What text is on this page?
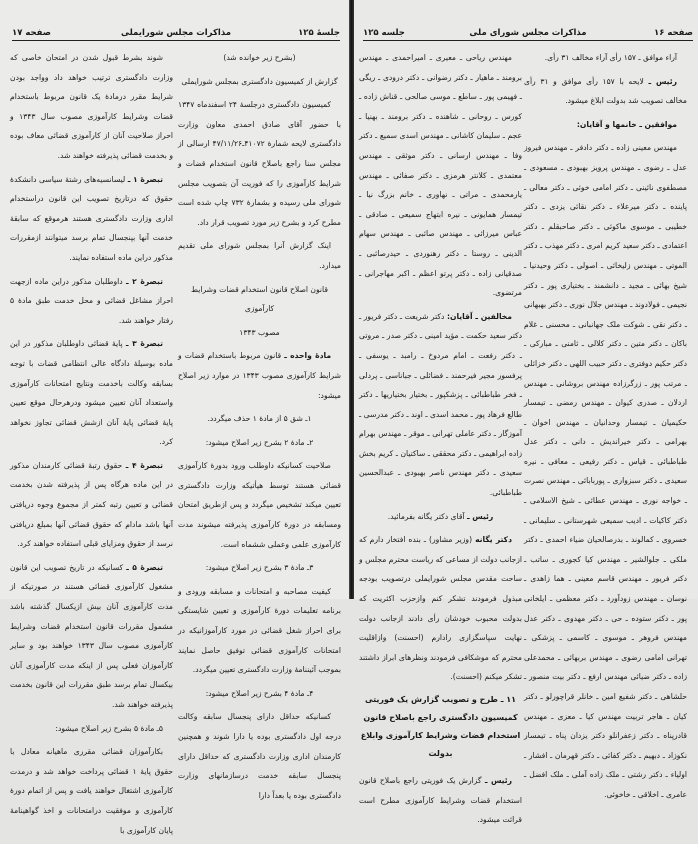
جلسهٔ ۱۲۵
مذاکرات مجلس شورایملی
صفحه ۱۷

(بشرح زیر خوانده شد)

گزارش از کمیسیون دادگستری بمجلس شورایملی

کمیسیون دادگستری درجلسهٔ ۲۴ اسفندماه ۱۳۴۷ با حضور آقای صادق احمدی معاون وزارت دادگستری لایحه شمارهٔ ۴۱۰۷۲ـ۴۷/۱۱/۲۶ ارسالی از مجلس سنا راجع باصلاح قانون استخدام قضات و شرایط کارآموزی را که فوریت آن بتصویب مجلس شورای ملی رسیده و بشمارهٔ ۷۳۲ چاپ شده است مطرح کرد و بشرح زیر مورد تصویب قرار داد.

اینک گزارش آنرا بمجلس شورای ملی تقدیم میدارد.

قانون اصلاح قانون استخدام قضات وشرایط کارآموزی

مصوب ۱۳۴۳

مادهٔ واحده ـ قانون مربوط باستخدام قضات و شرایط کارآموزی مصوب ۱۳۴۳ در موارد زیر اصلاح میشود:

۱ـ شق ۵ از مادهٔ ۱ حذف میگردد.

۲ـ مادهٔ ۲ بشرح زیر اصلاح میشود:

صلاحیت کسانیکه داوطلب ورود بدورهٔ کارآموزی قضائی هستند توسط هیأتیکه وزارت دادگستری تعیین میکند تشخیص میگردد و پس ازطریق امتحان ومسابقه در دورهٔ کارآموزی پذیرفته میشوند مدت کارآموزی علمی وعملی ششماه است.

۳ـ مادهٔ ۳ بشرح زیر اصلاح میشود:

کیفیت مصاحبه و امتحانات و مسابقه ورودی و برنامه تعلیمات دورهٔ کارآموزی و تعیین شایستگی برای احراز شغل قضائی در مورد کارآموزانیکه در امتحانات کارآموزی قضائی توفیق حاصل نمایند بموجب آئیننامهٔ وزارت دادگستری تعیین میگردد.

۴ـ مادهٔ ۴ بشرح زیر اصلاح میشود:

کسانیکه حداقل دارای پنجسال سابقه وکالت درجه اول دادگستری بوده یا دارا شوند و همچنین کارمندان اداری وزارت دادگستری که حداقل دارای پنجسال سابقه خدمت درسازمانهای وزارت دادگستری بوده یا بعداً دارا

شوند بشرط قبول شدن در امتحان خاصی که وزارت دادگستری ترتیب خواهد داد وواجد بودن شرایط مقرر درمادهٔ یک قانون مربوط باستخدام قضات وشرایط کارآموزی مصوب سال ۱۳۴۳ و احراز صلاحیت آنان از کارآموزی قضائی معاف بوده و بخدمت قضائی پذیرفته خواهند شد.

تبصرهٔ ۱ ـ لیسانسیه‌های رشتهٔ سیاسی دانشکدهٔ حقوق که درتاریخ تصویب این قانون دراستخدام اداری وزارت دادگستری هستند هرموقع که سابقهٔ خدمت آنها بپنجسال تمام برسد میتوانند ازمقررات مذکور دراین ماده استفاده نمایند.

تبصرهٔ ۲ ـ داوطلبان مذکور دراین ماده ازجهت احراز مشاغل قضائی و محل خدمت طبق مادهٔ ۵ رفتار خواهند شد.

تبصرهٔ ۳ ـ پایهٔ قضائی داوطلبان مذکور در این ماده بوسیلهٔ دادگاه عالی انتظامی قضات با توجه بسابقه وکالت باخدمت ونتایج امتحانات کارآموزی واستعداد آنان تعیین میشود ودرهرحال موقع تعیین پایهٔ قضائی پایهٔ آنان ازشش قضائی تجاوز نخواهد کرد.

تبصرهٔ ۴ ـ حقوق رتبهٔ قضائی کارمندان مذکور در این ماده هرگاه پس از پذیرفته شدن بخدمت قضائی و تعیین رتبه کمتر از مجموع وجوه دریافتی آنها باشد مادام که حقوق قضائی آنها بمبلغ دریافتی نرسد از حقوق ومزایای قبلی استفاده خواهند کرد.

تبصرهٔ ۵ ـ کسانیکه در تاریخ تصویب این قانون مشغول کارآموزی قضائی هستند در صورتیکه از مدت کارآموزی آنان بیش ازیکسال گذشته باشد مشمول مقررات قانون استخدام قضات وشرایط کارآموزی مصوب سال ۱۳۴۳ خواهند بود و سایر کارآموزان فعلی پس از اینکه مدت کارآموزی آنان بیکسال تمام برسد طبق مقررات این قانون بخدمت پذیرفته خواهند شد.

۵ـ مادهٔ ۵ بشرح زیر اصلاح میشود:

بکارآموزان قضائی مقرری ماهیانه معادل با حقوق پایهٔ ۱ قضائی پرداخت خواهد شد و درمدت کارآموزی اشتغال خواهند یافت و پس از اتمام دورهٔ کارآموزی و موفقیت درامتحانات و اخذ گواهینامهٔ پایان کارآموزی با

صفحه ۱۶
مذاکرات مجلس شورای ملی
جلسه ۱۲۵

آراء موافق ـ ۱۵۷ رأی آراء مخالف ۳۱ رأی.

رئیس ـ لایحه با ۱۵۷ رأی موافق و ۳۱ رأی مخالف تصویب شد بدولت ابلاغ میشود.

موافقین ـ خانمها و آقایان:

مهندس معینی زاده ـ دکتر دادفر ـ مهندس فیروز عدل ـ رضوی ـ مهندس پرویز بهبودی ـ مسعودی ـ مصطفوی نائینی ـ دکتر امامی خوئی ـ دکتر معالی ـ پاینده ـ دکتر میرعلاء ـ دکتر نقائی یزدی ـ دکتر خطیبی ـ موسوی ماکوئی ـ دکتر صاحبقلم ـ دکتر اعتمادی ـ دکتر سعید کریم امری ـ دکتر مهذب ـ دکتر الموتی ـ مهندس زلیخائی ـ اصولی ـ دکتر وحیدنیا ـ شیخ بهائی ـ مجید ـ دانشمند ـ بختیاری پور ـ دکتر نجیمی ـ فولادوند ـ مهندس جلال نوری ـ دکتر بهبهانی ـ دکتر نقی ـ شوکت ملک جهانبانی ـ محسنی ـ غلام باکان ـ دکتر متین ـ دکتر کلالی ـ ثامنی ـ مبارکی ـ دکتر حکیم دوفتری ـ دکتر حبیب اللهی ـ دکتر خزائلی ـ مرتب پور ـ زرگرزاده مهندس بروشانی ـ مهندس اردلان ـ صدری کیوان ـ مهندس رمضی ـ تیمسار حکیمیان ـ تیمسار وحدانیان ـ مهندس اخوان ـ بهرامی ـ دکتر خیراندیش ـ دانی ـ دکتر عدل طباطبائی ـ قیاس ـ دکتر رفیعی ـ معافی ـ نیره سعیدی ـ دکتر سبزواری ـ پوربابائی ـ مهندس نصرت ـ خواجه نوری ـ مهندس عطائی ـ شیخ الاسلامی ـ دکتر کاکیات ـ ادیب سمیعی شهرستانی ـ سلیمانی ـ خسروی ـ کمالوند ـ بدرصالحیان ضیاء احمدی ـ دکتر ملکی ـ جلوالشیر ـ مهندس کیا کجوری ـ ساتب ـ دکتر فریور ـ مهندس قاسم معینی ـ هما زاهدی ـ نوسان ـ مهندس زودآورد ـ دکتر معظمی ـ ایلخانی پور ـ دکتر ستوده ـ حی ـ دکتر مهدوی ـ دکتر عدل مهندس فروهر ـ موسوی ـ کاسمی ـ پزشکی ـ تهرانی امامی رضوی ـ مهندس بربهائی ـ محمدعلی زاده ـ دکتر ضیائی مهندس ارفع ـ دکتر بیت منصور ـ حلشاهی ـ دکتر شفیع امین ـ خانلر قراچورلو ـ دکتر کیان ـ هاجر تربیت مهندس کیا ـ معزی ـ مهندس قادرپناه ـ دکتر زعفرانلو دکتر یزدان پناه ـ تیمسار نکوزاد ـ دبهیم ـ دکتر کفائی ـ دکتر قهرمان ـ افشار ـ اولیاء ـ دکتر رشتی ـ ملک زاده آملی ـ ملک افضل ـ عامری ـ اخلاقی ـ خاخوئی.

مهندس ریاحی ـ معیری ـ امیراحمدی ـ مهندس برومند ـ ماهیار ـ دکتر رضوانی ـ دکتر درودی ـ ریگی ـ فهیمی پور ـ ساطع ـ موسی صالحی ـ قناش زاده ـ کورس ـ روحانی ـ شاهنده ـ دکتر برومند ـ بهنیا ـ عجم ـ سلیمان کاشانی ـ مهندس اسدی سمیع ـ دکتر وفا ـ مهندس ارسانی ـ دکتر موثقی ـ مهندس معتمدی ـ کلانتر هرمزی ـ دکتر صفائی ـ مهندس یارمحمدی ـ مراتی ـ نهاوری ـ خانم بزرگ نیا ـ تیمسار همایونی ـ نیره ابتهاج سمیعی ـ صادقی ـ عباس میرزائی ـ مهندس صائبی ـ مهندس سهام الدینی ـ روستا ـ دکتر رهنوردی ـ حیدرصائبی ـ صدقیانی زاده ـ دکتر پرتو اعظم ـ اکبر مهاجرانی ـ مرتضوی.

مخالفین ـ آقایان: دکتر شریعت ـ دکتر فریور ـ دکتر سعید حکمت ـ مؤید امینی ـ دکتر صدر ـ مروتی ـ دکتر رفعت ـ امام مردوخ ـ رامبد ـ یوسفی ـ پرفسور مجیر فیرحمند ـ فضائلی ـ جباناسی ـ پردلی ـ فخر طباطبائی ـ پزشکپور ـ بختیار بختیاریها ـ دکتر طالع فرهاد پور ـ محمد اسدی ـ اوند ـ دکتر مدرسی ـ آموزگار ـ دکتر عاملی تهرانی ـ موقر ـ مهندس بهرام زاده ابراهیمی ـ دکتر محققی ـ ساکتیان ـ کریم بخش سعیدی ـ دکتر مهندس ناصر بهبودی ـ عبدالحسین طباطبائی.

رئیس ـ آقای دکتر یگانه بفرمائید.

دکتر یگانه (وزیر مشاور) ـ بنده افتخار دارم که ازجانب دولت از مساعی که ریاست محترم مجلس و ساحت مقدس مجلس شورایملی درتصویب بودجه مبذول فرمودند تشکر کنم وازحزب اکثریت که بدولت محبوب خودشان رأی دادند ازجانب دولت نهایت سپاسگزاری رادارم (احسنت) وازاقلیت محترم که موشکافی فرمودند ونظرهای ابراز داشتند تشکر میکنم (احسنت).

۱۱ ـ طرح و تصویب گزارش یک فوریتی کمیسیون دادگستری راجع باصلاح قانون استخدام قضات وشرایط کارآموزی وابلاغ بدولت

رئیس ـ گزارش یک فوریتی راجع باصلاح قانون استخدام قضات وشرایط کارآموزی مطرح است قرائت میشود.
